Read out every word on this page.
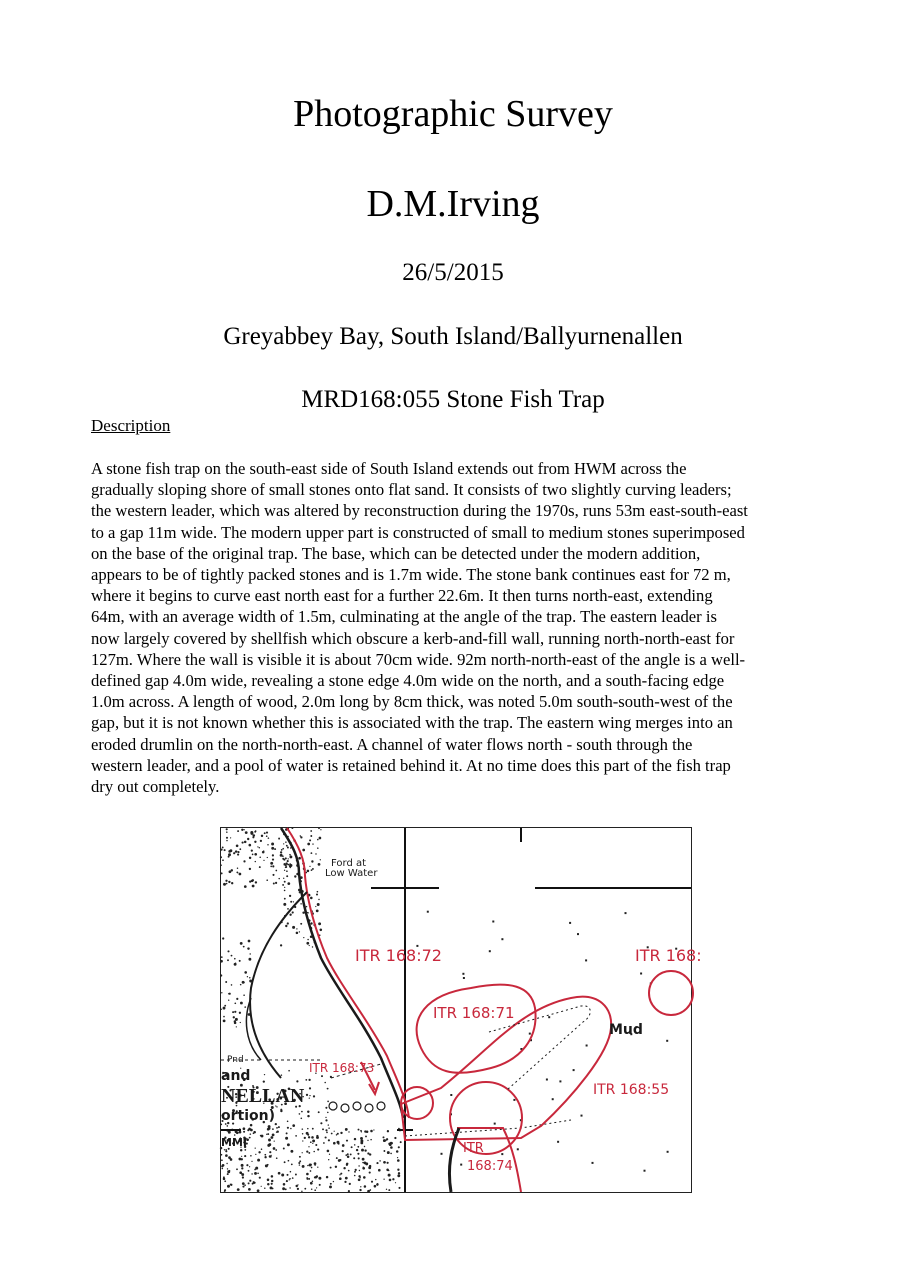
Photographic Survey
D.M.Irving
26/5/2015
Greyabbey Bay, South Island/Ballyurnenallen
MRD168:055 Stone Fish Trap
Description
A stone fish trap on the south-east side of South Island extends out from HWM across the
gradually sloping shore of small stones onto flat sand. It consists of two slightly curving leaders;
the western leader, which was altered by reconstruction during the 1970s, runs 53m east-south-east
to a gap 11m wide. The modern upper part is constructed of small to medium stones superimposed
on the base of the original trap. The base, which can be detected under the modern addition,
appears to be of tightly packed stones and is 1.7m wide. The stone bank continues east for 72 m,
where it begins to curve east north east for a further 22.6m. It then turns north-east, extending
64m, with an average width of 1.5m, culminating at the angle of the trap. The eastern leader is
now largely covered by shellfish which obscure a kerb-and-fill wall, running north-north-east for
127m. Where the wall is visible it is about 70cm wide. 92m north-north-east of the angle is a well-
defined gap 4.0m wide, revealing a stone edge 4.0m wide on the north, and a south-facing edge
1.0m across. A length of wood, 2.0m long by 8cm thick, was noted 5.0m south-south-west of the
gap, but it is not known whether this is associated with the trap. The eastern wing merges into an
eroded drumlin on the north-north-east. A channel of water flows north - south through the
western leader, and a pool of water is retained behind it. At no time does this part of the fish trap
dry out completely.
Ford at
Low Water
Mud
Pnd
and
NELLAN
ortion)
MMI
ITR 168:72	ITR 168:
ITR 168:71
ITR 168:73
ITR 168:55
ITR
168:74
